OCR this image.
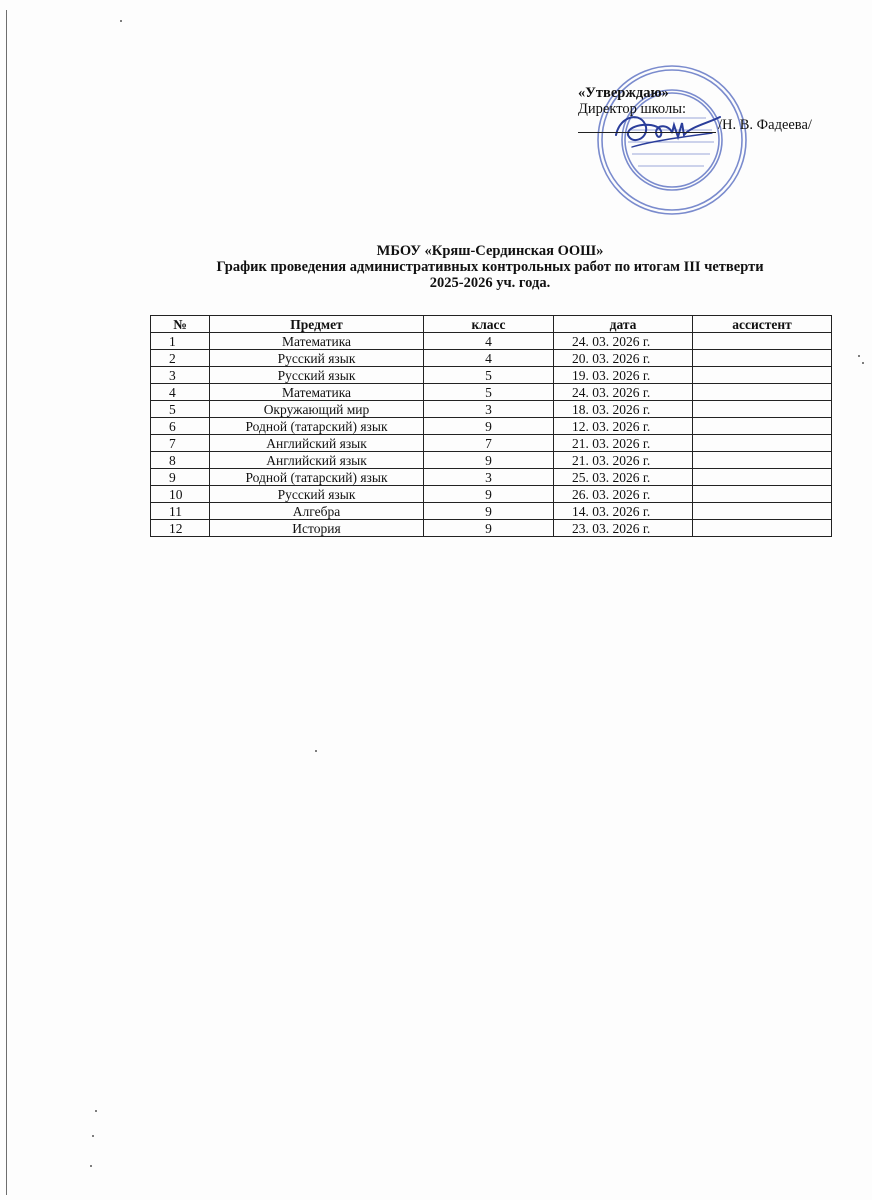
«Утверждаю»
Директор школы:
/Н. В. Фадеева/
МБОУ «Кряш-Сердинская ООШ»
График проведения административных контрольных работ по итогам III четверти
2025-2026 уч. года.
№	Предмет	класс	дата	ассистент
1	Математика	4	24. 03. 2026 г.	
2	Русский язык	4	20. 03. 2026 г.	
3	Русский язык	5	19. 03. 2026 г.	
4	Математика	5	24. 03. 2026 г.	
5	Окружающий мир	3	18. 03. 2026 г.	
6	Родной (татарский) язык	9	12. 03. 2026 г.	
7	Английский язык	7	21. 03. 2026 г.	
8	Английский язык	9	21. 03. 2026 г.	
9	Родной (татарский) язык	3	25. 03. 2026 г.	
10	Русский язык	9	26. 03. 2026 г.	
11	Алгебра	9	14. 03. 2026 г.	
12	История	9	23. 03. 2026 г.	
